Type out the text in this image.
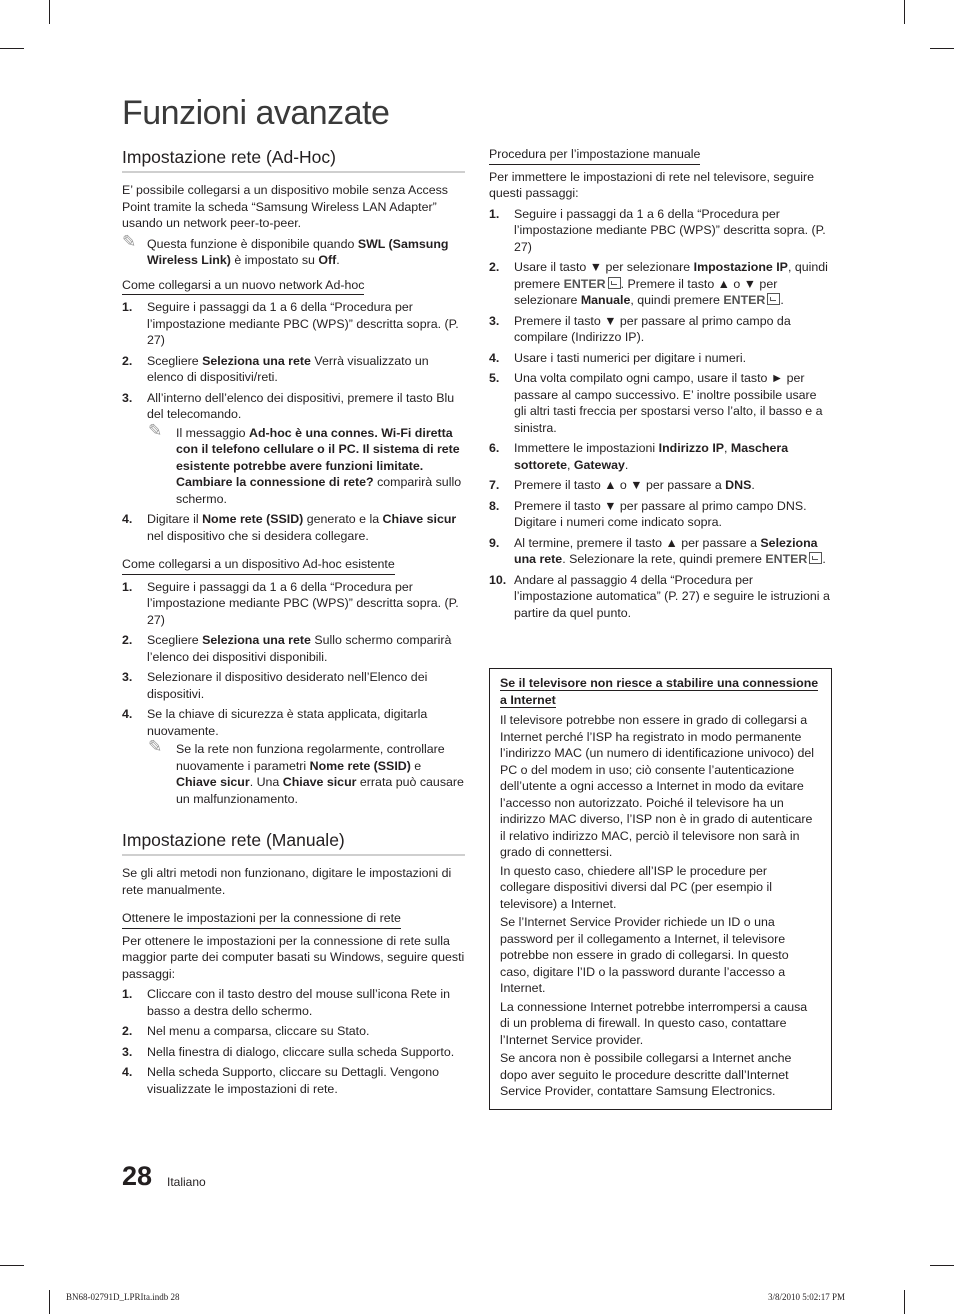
Funzioni avanzate
Impostazione rete (Ad-Hoc)

E’ possibile collegarsi a un dispositivo mobile senza Access Point tramite la scheda “Samsung Wireless LAN Adapter” usando un network peer-to-peer.

✎ Questa funzione è disponibile quando SWL (Samsung Wireless Link) è impostato su Off.
Come collegarsi a un nuovo network Ad-hoc
1. Seguire i passaggi da 1 a 6 della “Procedura per l’impostazione mediante PBC (WPS)” descritta sopra. (P. 27)
2. Scegliere Seleziona una rete Verrà visualizzato un elenco di dispositivi/reti.
3. All’interno dell’elenco dei dispositivi, premere il tasto Blu del telecomando.
✎ Il messaggio Ad-hoc è una connes. Wi-Fi diretta con il telefono cellulare o il PC. Il sistema di rete esistente potrebbe avere funzioni limitate. Cambiare la connessione di rete? comparirà sullo schermo.
4. Digitare il Nome rete (SSID) generato e la Chiave sicur nel dispositivo che si desidera collegare.
Come collegarsi a un dispositivo Ad-hoc esistente
1. Seguire i passaggi da 1 a 6 della “Procedura per l’impostazione mediante PBC (WPS)” descritta sopra. (P. 27)
2. Scegliere Seleziona una rete Sullo schermo comparirà l’elenco dei dispositivi disponibili.
3. Selezionare il dispositivo desiderato nell’Elenco dei dispositivi.
4. Se la chiave di sicurezza è stata applicata, digitarla nuovamente.
✎ Se la rete non funziona regolarmente, controllare nuovamente i parametri Nome rete (SSID) e Chiave sicur. Una Chiave sicur errata può causare un malfunzionamento.
Impostazione rete (Manuale)

Se gli altri metodi non funzionano, digitare le impostazioni di rete manualmente.

Ottenere le impostazioni per la connessione di rete

Per ottenere le impostazioni per la connessione di rete sulla maggior parte dei computer basati su Windows, seguire questi passaggi:

1. Cliccare con il tasto destro del mouse sull’icona Rete in basso a destra dello schermo.
2. Nel menu a comparsa, cliccare su Stato.
3. Nella finestra di dialogo, cliccare sulla scheda Supporto.
4. Nella scheda Supporto, cliccare su Dettagli. Vengono visualizzate le impostazioni di rete.
Procedura per l’impostazione manuale

Per immettere le impostazioni di rete nel televisore, seguire questi passaggi:

1. Seguire i passaggi da 1 a 6 della “Procedura per l’impostazione mediante PBC (WPS)” descritta sopra. (P. 27)
2. Usare il tasto ▼ per selezionare Impostazione IP, quindi premere ENTER . Premere il tasto ▲ o ▼ per selezionare Manuale, quindi premere ENTER .
3. Premere il tasto ▼ per passare al primo campo da compilare (Indirizzo IP).
4. Usare i tasti numerici per digitare i numeri.
5. Una volta compilato ogni campo, usare il tasto ► per passare al campo successivo. E’ inoltre possibile usare gli altri tasti freccia per spostarsi verso l’alto, il basso e a sinistra.
6. Immettere le impostazioni Indirizzo IP, Maschera sottorete, Gateway.
7. Premere il tasto ▲ o ▼ per passare a DNS.
8. Premere il tasto ▼ per passare al primo campo DNS. Digitare i numeri come indicato sopra.
9. Al termine, premere il tasto ▲ per passare a Seleziona una rete. Selezionare la rete, quindi premere ENTER .
10. Andare al passaggio 4 della “Procedura per l’impostazione automatica” (P. 27) e seguire le istruzioni a partire da quel punto.
Se il televisore non riesce a stabilire una connessione a Internet

Il televisore potrebbe non essere in grado di collegarsi a Internet perché l’ISP ha registrato in modo permanente l’indirizzo MAC (un numero di identificazione univoco) del PC o del modem in uso; ciò consente l’autenticazione dell’utente a ogni accesso a Internet in modo da evitare l’accesso non autorizzato. Poiché il televisore ha un indirizzo MAC diverso, l’ISP non è in grado di autenticare il relativo indirizzo MAC, perciò il televisore non sarà in grado di connettersi.

In questo caso, chiedere all’ISP le procedure per collegare dispositivi diversi dal PC (per esempio il televisore) a Internet.

Se l’Internet Service Provider richiede un ID o una password per il collegamento a Internet, il televisore potrebbe non essere in grado di collegarsi. In questo caso, digitare l’ID o la password durante l’accesso a Internet.

La connessione Internet potrebbe interrompersi a causa di un problema di firewall. In questo caso, contattare l’Internet Service provider.

Se ancora non è possibile collegarsi a Internet anche dopo aver seguito le procedure descritte dall’Internet Service Provider, contattare Samsung Electronics.

28 Italiano
BN68-02791D_LPRIta.indb 28	3/8/2010 5:02:17 PM
